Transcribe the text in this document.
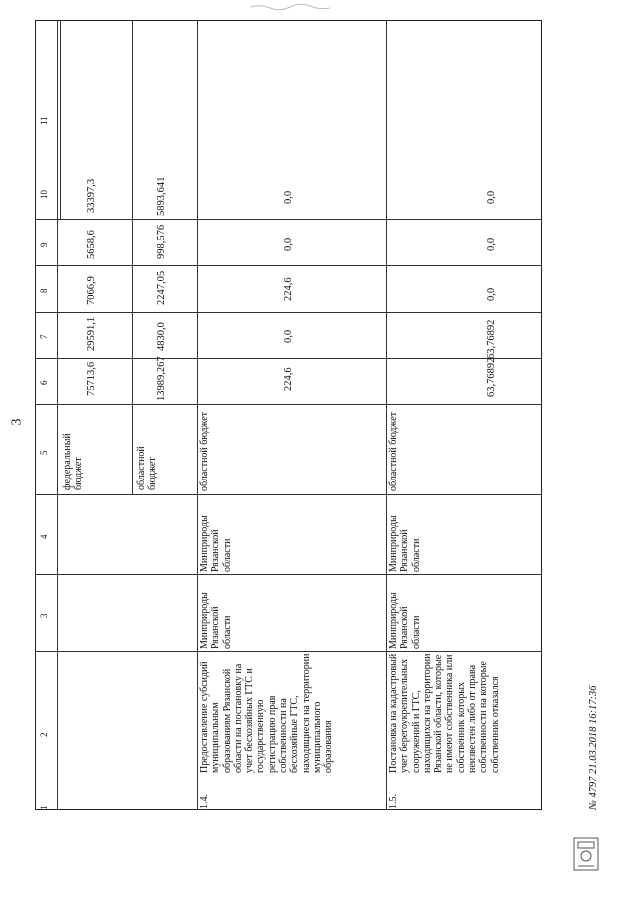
3
1
2
3
4
5
6
7
8
9
10
11
федеральный бюджет
75713,6
29591,1
7066,9
5658,6
33397,3
областной бюджет
13989,267
4830,0
2247,05
998,576
5893,641
1.4.
Предоставление субсидий муниципальным образованиям Рязанской области на постановку на учет бесхозяйных ГТС и государственную регистрацию прав собственности на бесхозяйные ГТС, находящиеся на территории муниципального образования
Минприроды Рязанской области
Минприроды Рязанской области
областной бюджет
224,6
0,0
224,6
0,0
0,0
1.5.
Постановка на кадастровый учет берегоукрепительных сооружений и ГТС, находящихся на территории Рязанской области, которые не имеют собственника или собственник которых неизвестен либо от права собственности на которые собственник отказался
Минприроды Рязанской области
Минприроды Рязанской области
областной бюджет
63,76892
63,76892
0,0
0,0
0,0
№ 4797 21.03.2018 16:17:36
